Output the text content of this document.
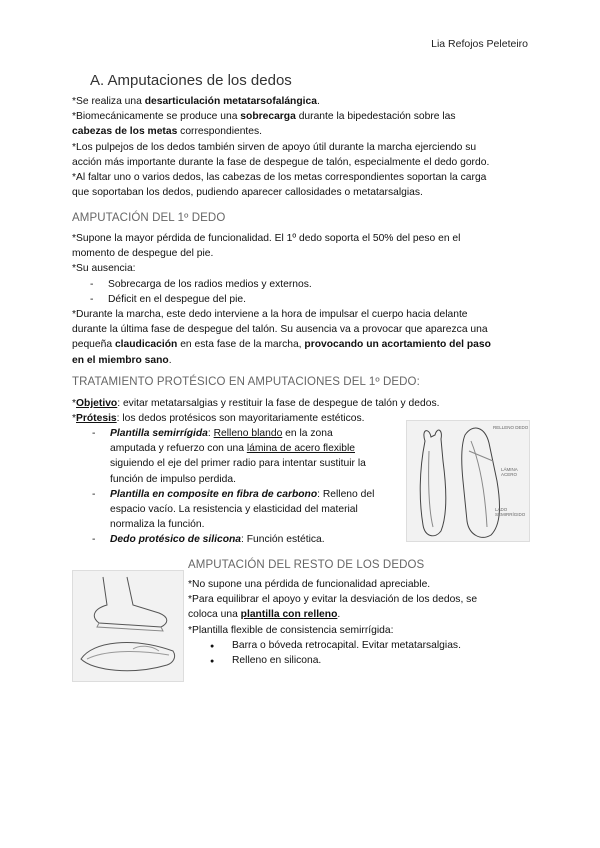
Lia Refojos Peleteiro
A. Amputaciones de los dedos

*Se realiza una desarticulación metatarsofalángica.

*Biomecánicamente se produce una sobrecarga durante la bipedestación sobre las

cabezas de los metas correspondientes.

*Los pulpejos de los dedos también sirven de apoyo útil durante la marcha ejerciendo su

acción más importante durante la fase de despegue de talón, especialmente el dedo gordo.

*Al faltar uno o varios dedos, las cabezas de los metas correspondientes soportan la carga

que soportaban los dedos, pudiendo aparecer callosidades o metatarsalgias.

AMPUTACIÓN DEL 1º DEDO

*Supone la mayor pérdida de funcionalidad. El 1º dedo soporta el 50% del peso en el

momento de despegue del pie.

*Su ausencia:

- Sobrecarga de los radios medios y externos.
- Déficit en el despegue del pie.

*Durante la marcha, este dedo interviene a la hora de impulsar el cuerpo hacia delante

durante la última fase de despegue del talón. Su ausencia va a provocar que aparezca una

pequeña claudicación en esta fase de la marcha, provocando un acortamiento del paso

en el miembro sano.

TRATAMIENTO PROTÉSICO EN AMPUTACIONES DEL 1º DEDO:

*Objetivo: evitar metatarsalgias y restituir la fase de despegue de talón y dedos.

*Prótesis: los dedos protésicos son mayoritariamente estéticos.

- Plantilla semirrígida: Relleno blando en la zona
amputada y refuerzo con una lámina de acero flexible
siguiendo el eje del primer radio para intentar sustituir la
función de impulso perdida.
- Plantilla en composite en fibra de carbono: Relleno del
espacio vacío. La resistencia y elasticidad del material
normaliza la función.
- Dedo protésico de silicona: Función estética.
RELLENO DEDO
LÁMINA ACERO
LADO SEMIRRÍGIDO
AMPUTACIÓN DEL RESTO DE LOS DEDOS

*No supone una pérdida de funcionalidad apreciable.

*Para equilibrar el apoyo y evitar la desviación de los dedos, se

coloca una plantilla con relleno.

*Plantilla flexible de consistencia semirrígida:

● Barra o bóveda retrocapital. Evitar metatarsalgias.
● Relleno en silicona.
